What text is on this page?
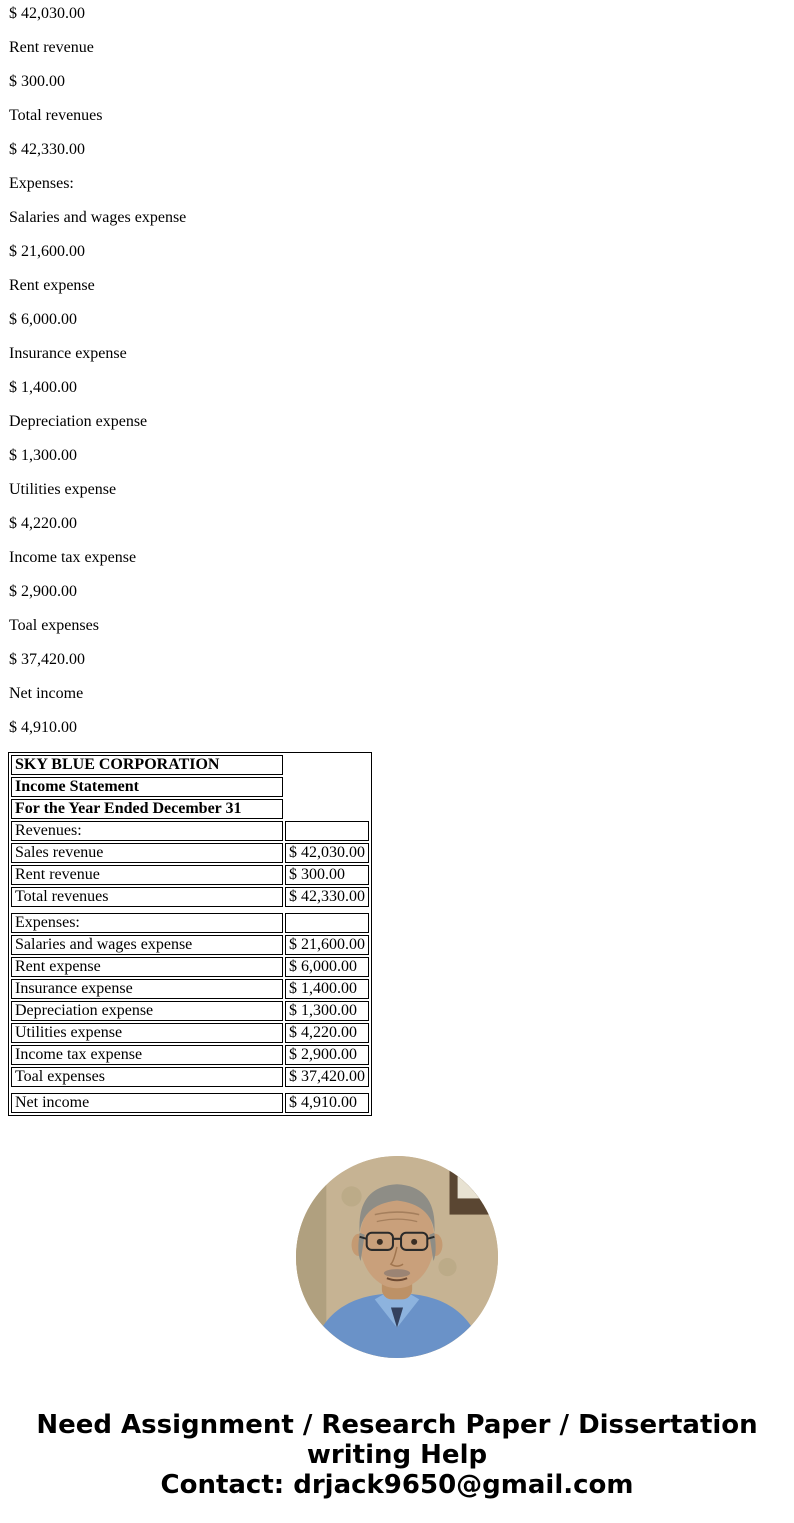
$ 42,030.00

Rent revenue

$ 300.00

Total revenues

$ 42,330.00

Expenses:

Salaries and wages expense

$ 21,600.00

Rent expense

$ 6,000.00

Insurance expense

$ 1,400.00

Depreciation expense

$ 1,300.00

Utilities expense

$ 4,220.00

Income tax expense

$ 2,900.00

Toal expenses

$ 37,420.00

Net income

$ 4,910.00

SKY BLUE CORPORATION	
Income Statement	
For the Year Ended December 31	
Revenues:	
Sales revenue	$ 42,030.00
Rent revenue	$ 300.00
Total revenues	$ 42,330.00

Expenses:	
Salaries and wages expense	$ 21,600.00
Rent expense	$ 6,000.00
Insurance expense	$ 1,400.00
Depreciation expense	$ 1,300.00
Utilities expense	$ 4,220.00
Income tax expense	$ 2,900.00
Toal expenses	$ 37,420.00

Net income	$ 4,910.00
Need Assignment / Research Paper / Dissertation writing Help
Contact: drjack9650@gmail.com
